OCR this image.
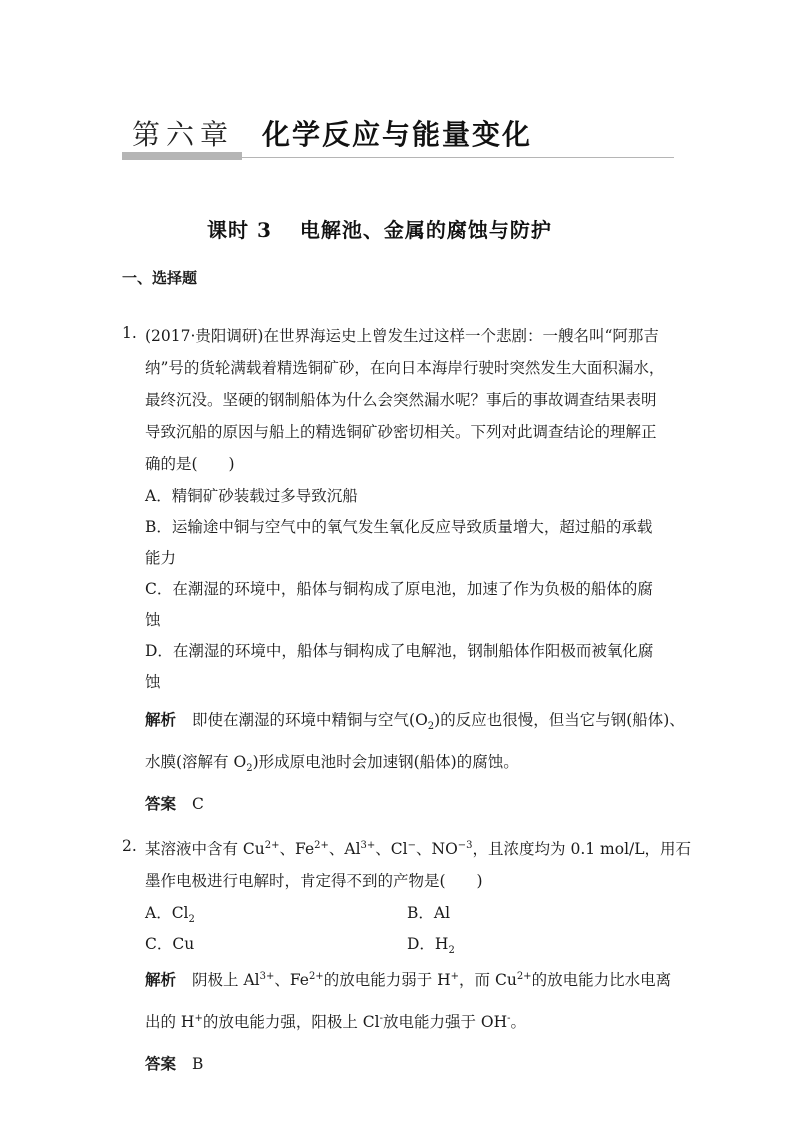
第六章 化学反应与能量变化
课时 3 电解池、金属的腐蚀与防护
一、选择题
1. (2017·贵阳调研)在世界海运史上曾发生过这样一个悲剧：一艘名叫“阿那吉
纳”号的货轮满载着精选铜矿砂，在向日本海岸行驶时突然发生大面积漏水，
最终沉没。坚硬的钢制船体为什么会突然漏水呢？事后的事故调查结果表明
导致沉船的原因与船上的精选铜矿砂密切相关。下列对此调查结论的理解正
确的是(　　)
A．精铜矿砂装载过多导致沉船
B．运输途中铜与空气中的氧气发生氧化反应导致质量增大，超过船的承载
能力
C．在潮湿的环境中，船体与铜构成了原电池，加速了作为负极的船体的腐
蚀
D．在潮湿的环境中，船体与铜构成了电解池，钢制船体作阳极而被氧化腐
蚀
解析 即使在潮湿的环境中精铜与空气$(O_2)$的反应也很慢，但当它与钢(船体)、
水膜(溶解有 $O_2$)形成原电池时会加速钢(船体)的腐蚀。
答案 C
2. 某溶液中含有 $Cu^{2+}$、$Fe^{2+}$、$Al^{3+}$、Cl−、$NO^{-3}$，且浓度均为 0.1 mol/L，用石
墨作电极进行电解时，肯定得不到的产物是(　　)
A．$Cl_2$	B．Al
C．Cu	D．$H_2$
解析 阴极上 $Al^{3+}$、$Fe^{2+}$的放电能力弱于 H+，而 $Cu^{2+}$的放电能力比水电离
出的 H+的放电能力强，阳极上 Cl-放电能力强于 OH-。
答案 B
